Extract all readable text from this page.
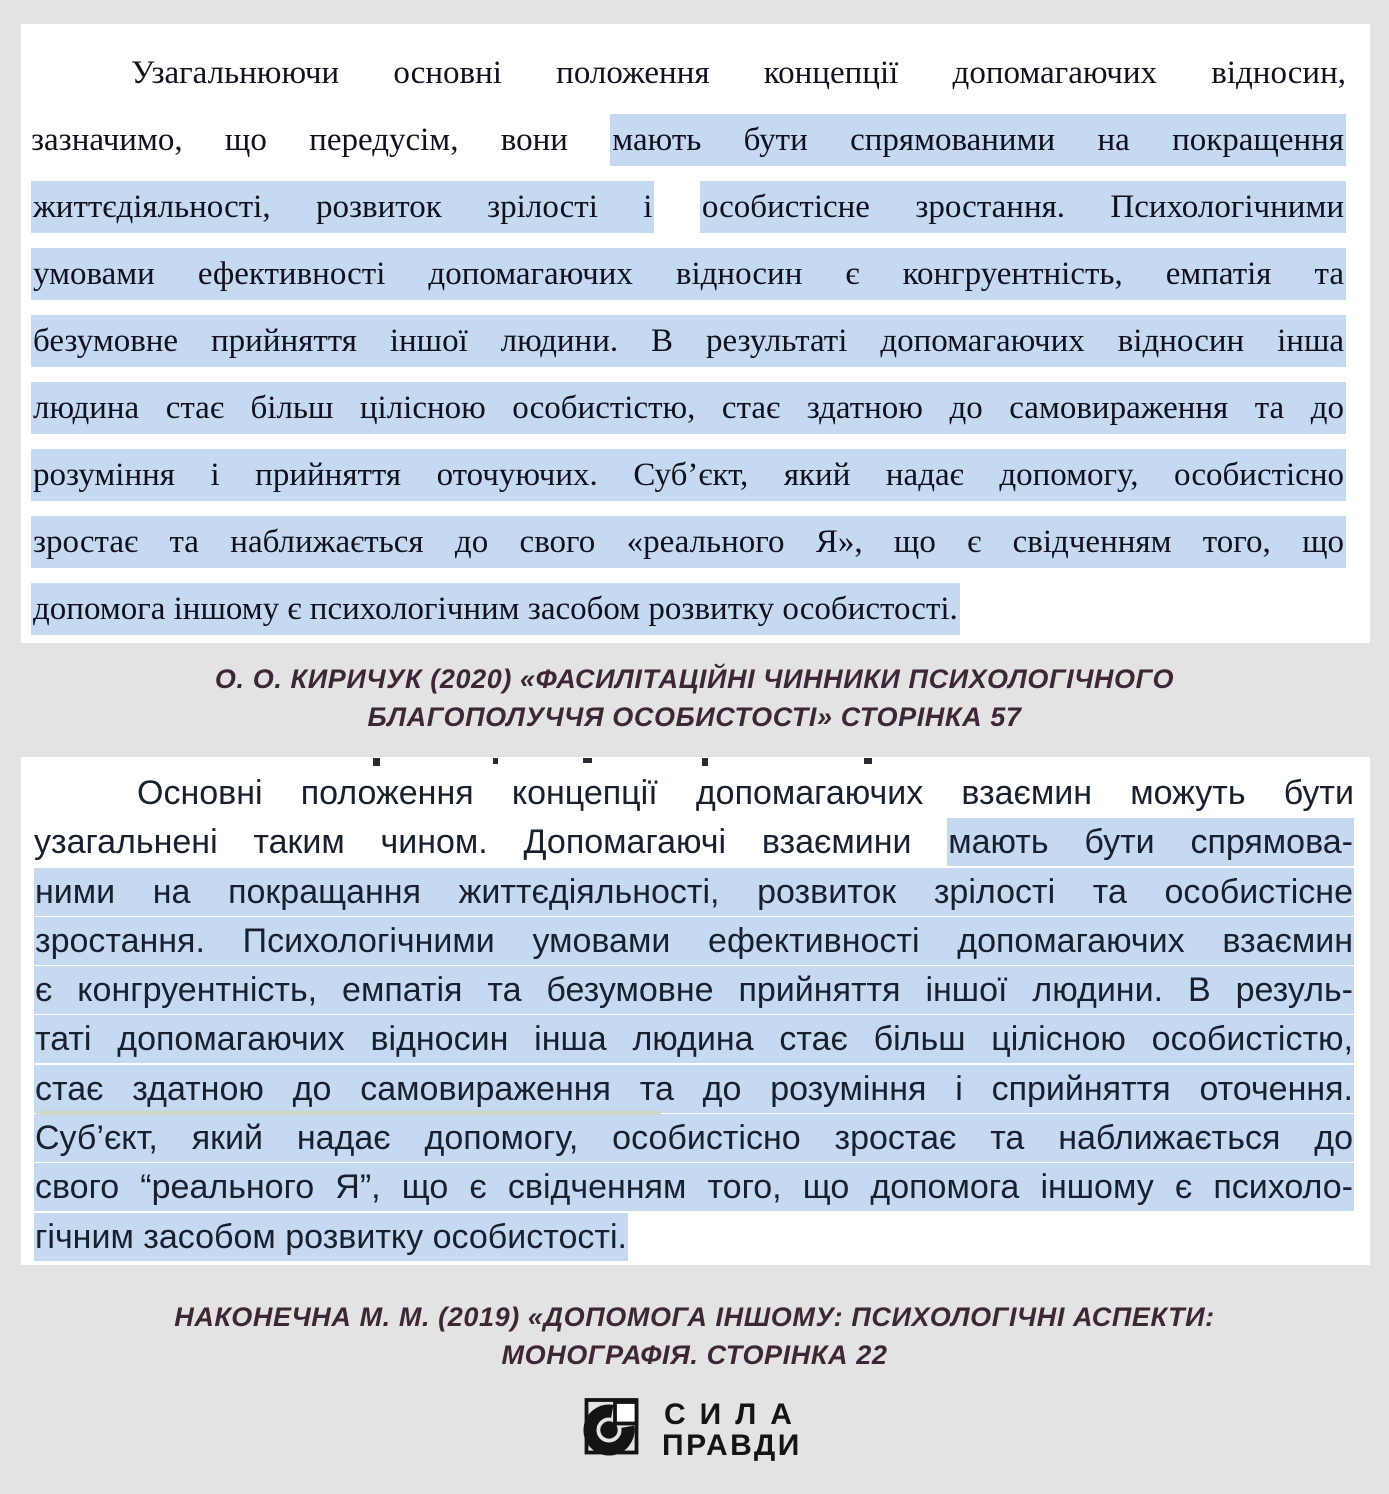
Узагальнюючи основні положення концепції допомагаючих відносин,
зазначимо, що передусім, вони мають бути спрямованими на покращення
життєдіяльності, розвиток зрілості і особистісне зростання. Психологічними
умовами ефективності допомагаючих відносин є конгруентність, емпатія та
безумовне прийняття іншої людини. В результаті допомагаючих відносин інша
людина стає більш цілісною особистістю, стає здатною до самовираження та до
розуміння і прийняття оточуючих. Суб’єкт, який надає допомогу, особистісно
зростає та наближається до свого «реального Я», що є свідченням того, що
допомога іншому є психологічним засобом розвитку особистості.
О. О. КИРИЧУК (2020) «ФАСИЛІТАЦІЙНІ ЧИННИКИ ПСИХОЛОГІЧНОГО
БЛАГОПОЛУЧЧЯ ОСОБИСТОСТІ» СТОРІНКА 57
Основні положення концепції допомагаючих взаємин можуть бути
узагальнені таким чином. Допомагаючі взаємини мають бути спрямова-
ними на покращання життєдіяльності, розвиток зрілості та особистісне
зростання. Психологічними умовами ефективності допомагаючих взаємин
є конгруентність, емпатія та безумовне прийняття іншої людини. В резуль-
таті допомагаючих відносин інша людина стає більш цілісною особистістю,
стає здатною до самовираження та до розуміння і сприйняття оточення.
Суб’єкт, який надає допомогу, особистісно зростає та наближається до
свого “реального Я”, що є свідченням того, що допомога іншому є психоло-
гічним засобом розвитку особистості.
НАКОНЕЧНА М. М. (2019) «ДОПОМОГА ІНШОМУ: ПСИХОЛОГІЧНІ АСПЕКТИ:
МОНОГРАФІЯ. СТОРІНКА 22
СИЛА
ПРАВДИ
